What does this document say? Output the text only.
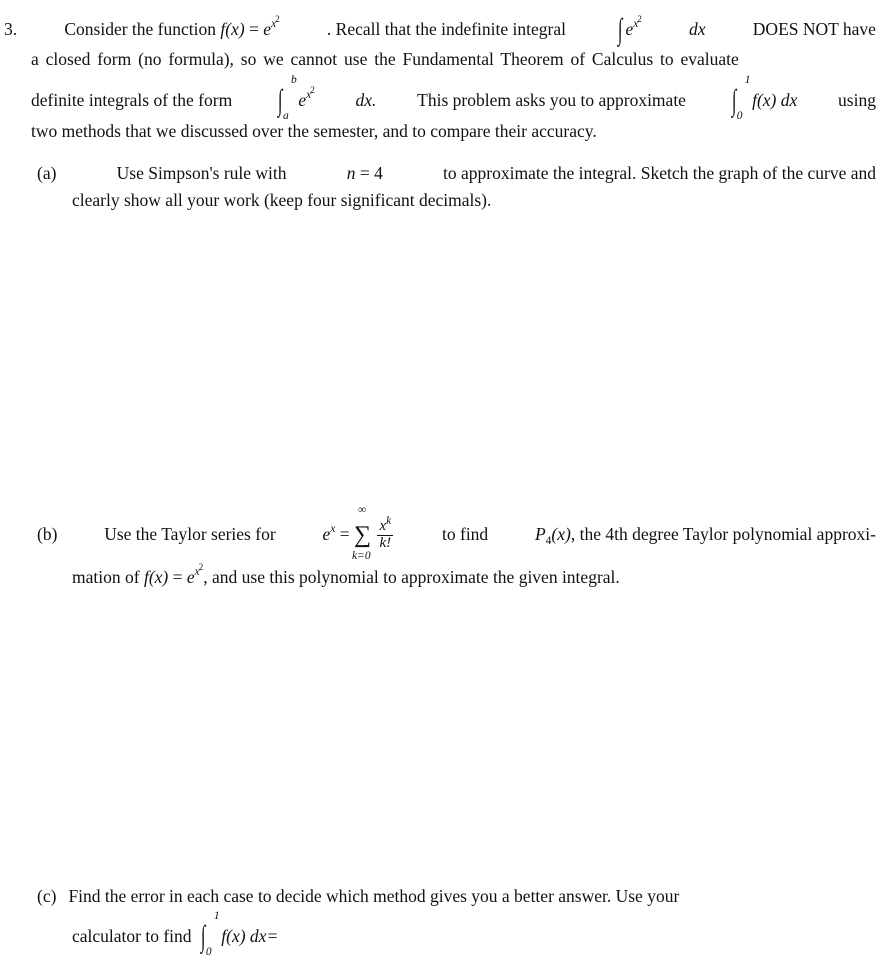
3.	Consider the function $f(x) = e^{x2}$	. Recall that the indefinite integral ∫ $e^{x2}$	dx	DOES NOT have
a closed form (no formula), so we cannot use the Fundamental Theorem of Calculus to evaluate
definite integrals of the form ∫
b
a
$e^{x2}$ dx. This problem asks you to approximate ∫
1
0
f(x) dx using
two methods that we discussed over the semester, and to compare their accuracy.
(a)	Use Simpson's rule with	n = 4	to approximate the integral. Sketch the graph of the curve and
clearly show all your work (keep four significant decimals).
(b)	Use the Taylor series for	$e^x$ = ∑
∞
k=0

$\frac{x^k}{k!}$	to find	$P_4(x)$, the 4th degree Taylor polynomial approxi-
mation of $f(x) = e^{x2}$, and use this polynomial to approximate the given integral.
(c) Find the error in each case to decide which method gives you a better answer. Use your
calculator to find ∫
1
0
f(x) dx=
